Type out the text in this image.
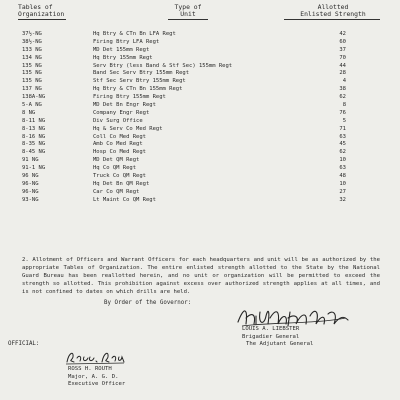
Tables of
Organization
Type of
Unit
Allotted
Enlisted Strength
37½-NG	Hq Btry & CTn Bn LFA Regt	42
38½-NG	Firing Btry LFA Regt	60
133 NG	MD Det 155mm Regt	37
134 NG	Hq Btry 155mm Regt	70
135 NG	Serv Btry (less Band & Stf Sec) 155mm Regt	44
135 NG	Band Sec Serv Btry 155mm Regt	28
135 NG	Stf Sec Serv Btry 155mm Regt	4
137 NG	Hq Btry & CTn Bn 155mm Regt	38
138A-NG	Firing Btry 155mm Regt	62
5-A NG	MD Det Bn Engr Regt	8
8 NG	Company Engr Regt	76
8-11 NG	Div Surg Office	5
8-13 NG	Hq & Serv Co Med Regt	71
8-16 NG	Coll Co Med Regt	63
8-35 NG	Amb Co Med Regt	45
8-45 NG	Hosp Co Med Regt	62
91 NG	MD Det QM Regt	10
91-1 NG	Hq Co QM Regt	63
96 NG	Truck Co QM Regt	48
96-NG	Hq Det Bn QM Regt	10
96-NG	Car Co QM Regt	27
93-NG	Lt Maint Co QM Regt	32

2. Allotment of Officers and Warrant Officers for each headquarters and unit will be as authorized by the appropriate Tables of Organization. The entire enlisted strength allotted to the State by the National Guard Bureau has been reallotted herein, and no unit or organization will be permitted to exceed the strength so allotted. This prohibition against excess over authorized strength applies at all times, and is not confined to dates on which drills are held.

By Order of the Governor:
LOUIS A. LIEBSTER
Brigadier General
The Adjutant General
OFFICIAL:
ROSS H. ROUTH
Major, A. G. D.
Executive Officer
